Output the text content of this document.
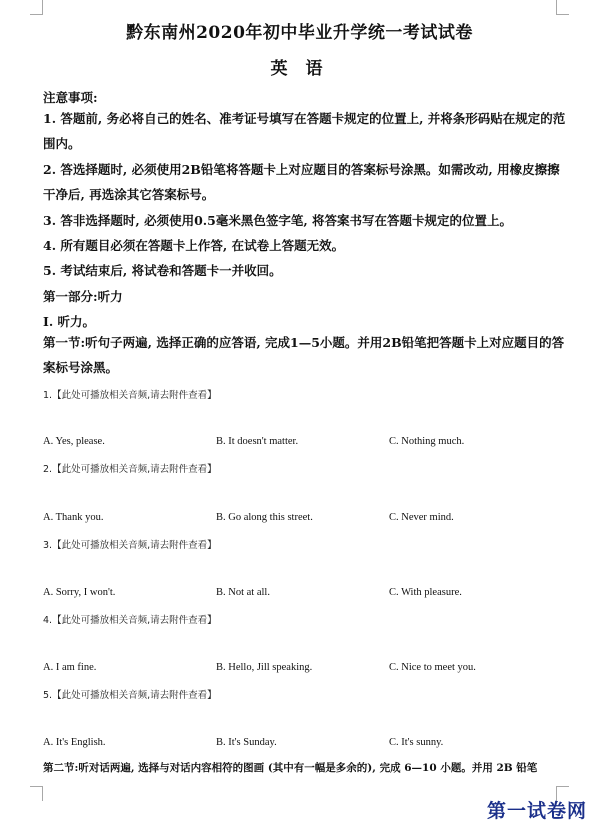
黔东南州2020年初中毕业升学统一考试试卷
英 语
注意事项:
1. 答题前, 务必将自己的姓名、准考证号填写在答题卡规定的位置上, 并将条形码贴在规定的范围内。
2. 答选择题时, 必须使用2B铅笔将答题卡上对应题目的答案标号涂黑。如需改动, 用橡皮擦擦干净后, 再选涂其它答案标号。
3. 答非选择题时, 必须使用0.5毫米黑色签字笔, 将答案书写在答题卡规定的位置上。
4. 所有题目必须在答题卡上作答, 在试卷上答题无效。
5. 考试结束后, 将试卷和答题卡一并收回。
第一部分:听力
I. 听力。
第一节:听句子两遍, 选择正确的应答语, 完成1—5小题。并用2B铅笔把答题卡上对应题目的答案标号涂黑。
1.【此处可播放相关音频,请去附件查看】
A. Yes, please.	B. It doesn't matter.	C. Nothing much.
2.【此处可播放相关音频,请去附件查看】
A. Thank you.	B. Go along this street.	C. Never mind.
3.【此处可播放相关音频,请去附件查看】
A. Sorry, I won't.	B. Not at all.	C. With pleasure.
4.【此处可播放相关音频,请去附件查看】
A. I am fine.	B. Hello, Jill speaking.	C. Nice to meet you.
5.【此处可播放相关音频,请去附件查看】
A. It's English.	B. It's Sunday.	C. It's sunny.
第二节:听对话两遍, 选择与对话内容相符的图画 (其中有一幅是多余的), 完成 6—10 小题。并用 2B 铅笔
第一试卷网
